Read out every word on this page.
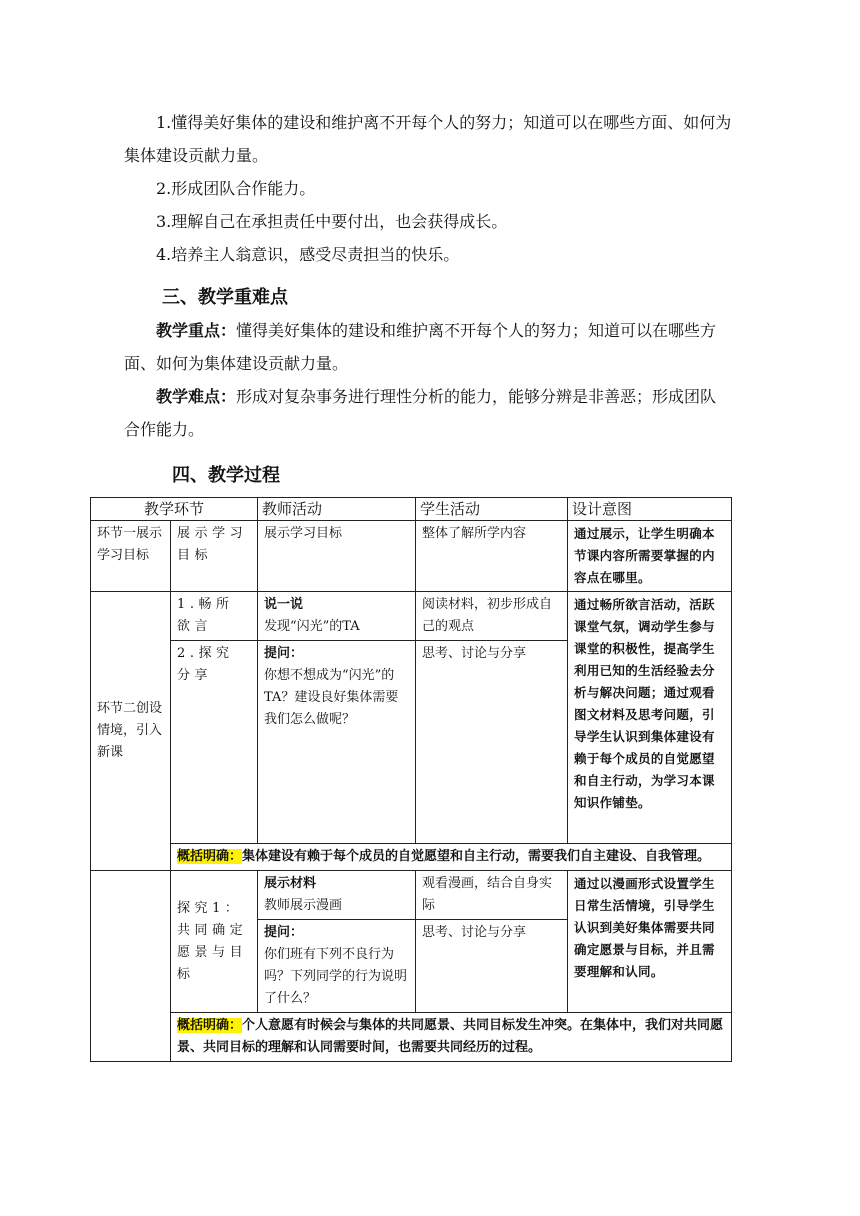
1.懂得美好集体的建设和维护离不开每个人的努力；知道可以在哪些方面、如何为集体建设贡献力量。

2.形成团队合作能力。

3.理解自己在承担责任中要付出，也会获得成长。

4.培养主人翁意识，感受尽责担当的快乐。

三、教学重难点

教学重点：懂得美好集体的建设和维护离不开每个人的努力；知道可以在哪些方面、如何为集体建设贡献力量。

教学难点：形成对复杂事务进行理性分析的能力，能够分辨是非善恶；形成团队合作能力。

四、教学过程
教学环节		教师活动	学生活动	设计意图
环节一展示学习目标	展示学习目标	展示学习目标	整体了解所学内容	通过展示，让学生明确本节课内容所需要掌握的内容点在哪里。
环节二创设情境，引入新课	1.畅所欲言	说一说
发现“闪光”的TA	阅读材料，初步形成自己的观点	通过畅所欲言活动，活跃课堂气氛，调动学生参与课堂的积极性，提高学生利用已知的生活经验去分析与解决问题；通过观看图文材料及思考问题，引导学生认识到集体建设有赖于每个成员的自觉愿望和自主行动，为学习本课知识作铺垫。
	2.探究分享	提问：
你想不想成为“闪光”的TA？建设良好集体需要我们怎么做呢？	思考、讨论与分享	
	概括明确：集体建设有赖于每个成员的自觉愿望和自主行动，需要我们自主建设、自我管理。			
	探究1：共同确定愿景与目标	展示材料
教师展示漫画	观看漫画，结合自身实际	通过以漫画形式设置学生日常生活情境，引导学生认识到美好集体需要共同确定愿景与目标，并且需要理解和认同。

		提问：
你们班有下列不良行为吗？下列同学的行为说明了什么？	思考、讨论与分享	
	概括明确：个人意愿有时候会与集体的共同愿景、共同目标发生冲突。在集体中，我们对共同愿景、共同目标的理解和认同需要时间，也需要共同经历的过程。			
